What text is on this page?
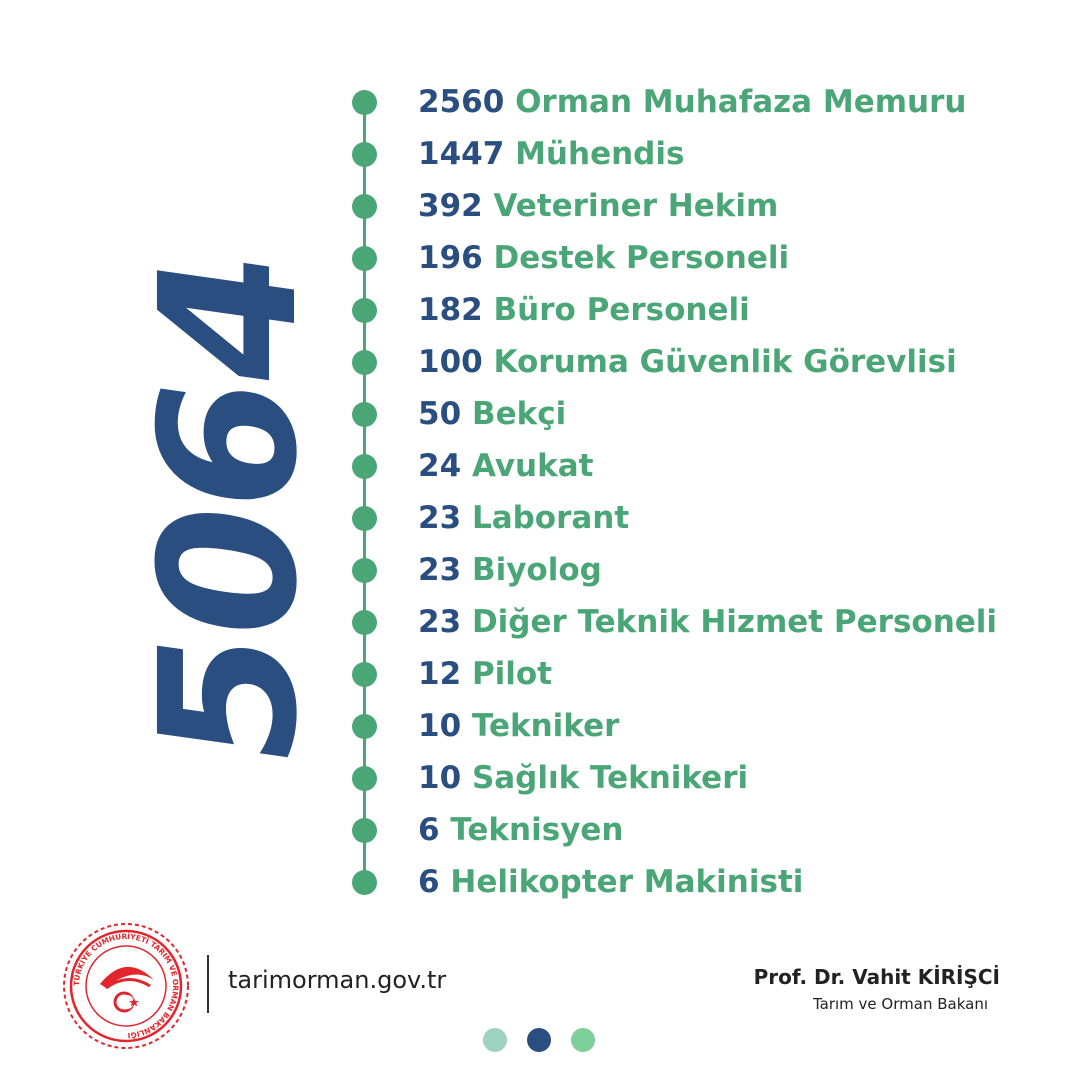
5064
2560 Orman Muhafaza Memuru
1447 Mühendis
392 Veteriner Hekim
196 Destek Personeli
182 Büro Personeli
100 Koruma Güvenlik Görevlisi
50 Bekçi
24 Avukat
23 Laborant
23 Biyolog
23 Diğer Teknik Hizmet Personeli
12 Pilot
10 Tekniker
10 Sağlık Teknikeri
6 Teknisyen
6 Helikopter Makinisti
TÜRKİYE CUMHURİYETİ TARIM VE ORMAN BAKANLIĞI
tarimorman.gov.tr	Prof. Dr. Vahit KİRİŞCİ
Tarım ve Orman Bakanı
